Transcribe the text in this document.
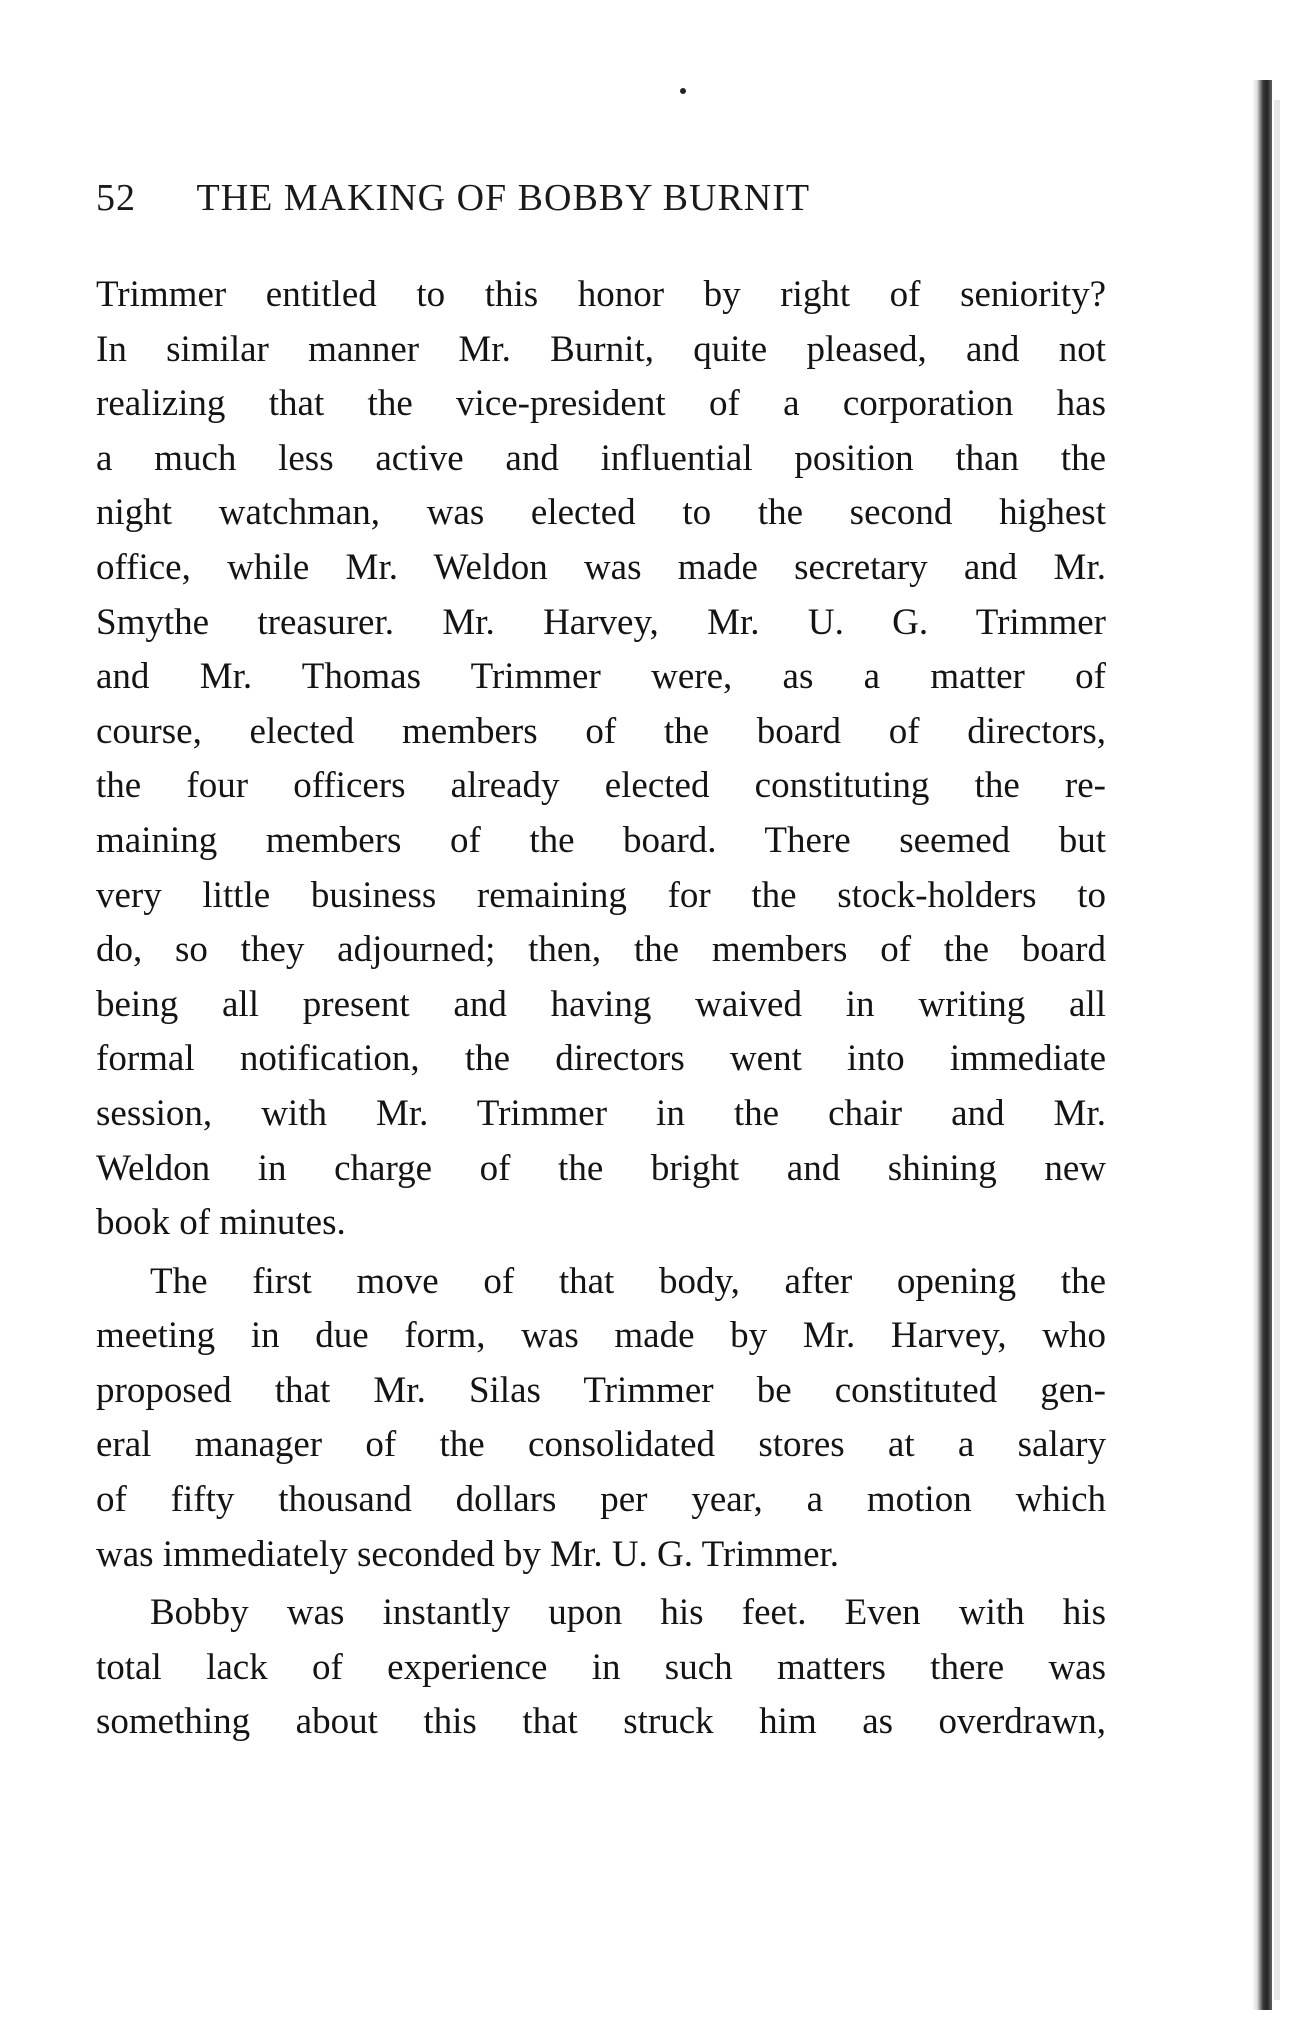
52 THE MAKING OF BOBBY BURNIT
Trimmer entitled to this honor by right of seniority?
In similar manner Mr. Burnit, quite pleased, and not
realizing that the vice-president of a corporation has
a much less active and influential position than the
night watchman, was elected to the second highest
office, while Mr. Weldon was made secretary and Mr.
Smythe treasurer. Mr. Harvey, Mr. U. G. Trimmer
and Mr. Thomas Trimmer were, as a matter of
course, elected members of the board of directors,
the four officers already elected constituting the re-
maining members of the board. There seemed but
very little business remaining for the stock-holders to
do, so they adjourned; then, the members of the board
being all present and having waived in writing all
formal notification, the directors went into immediate
session, with Mr. Trimmer in the chair and Mr.
Weldon in charge of the bright and shining new
book of minutes.
The first move of that body, after opening the
meeting in due form, was made by Mr. Harvey, who
proposed that Mr. Silas Trimmer be constituted gen-
eral manager of the consolidated stores at a salary
of fifty thousand dollars per year, a motion which
was immediately seconded by Mr. U. G. Trimmer.
Bobby was instantly upon his feet. Even with his
total lack of experience in such matters there was
something about this that struck him as overdrawn,
